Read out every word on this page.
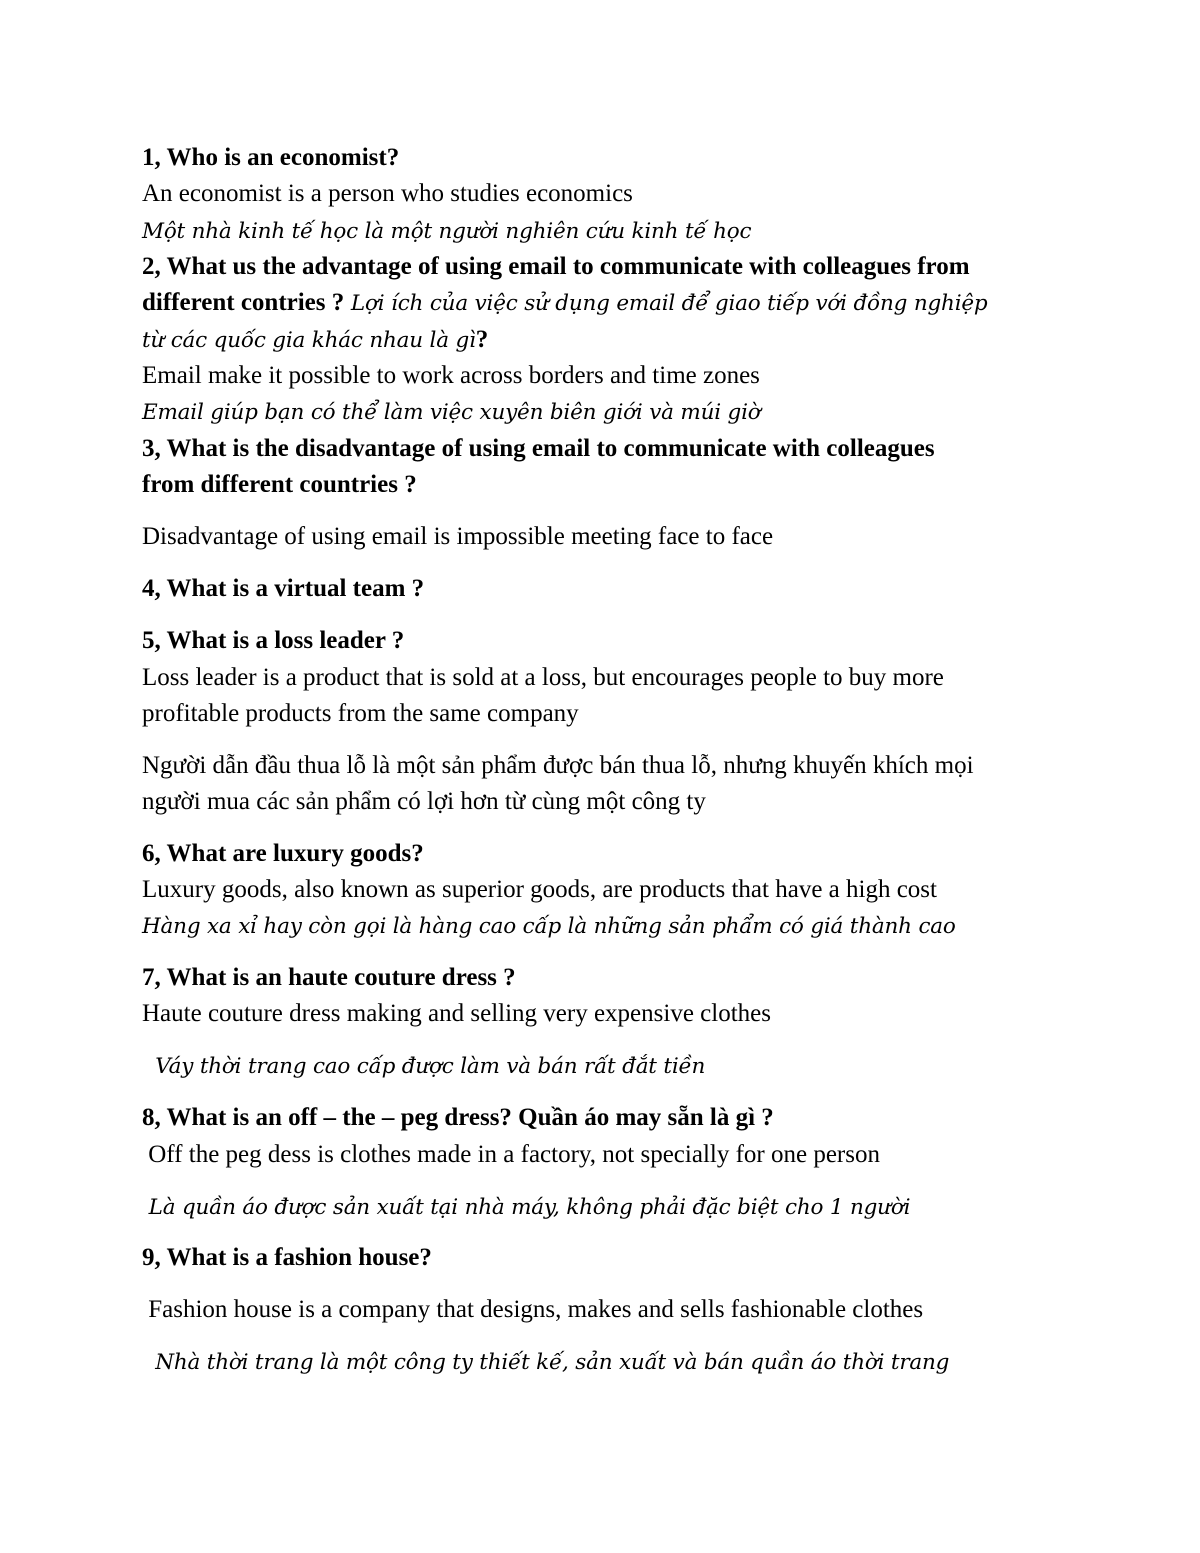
1, Who is an economist?

An economist is a person who studies economics

Một nhà kinh tế học là một người nghiên cứu kinh tế học

2, What us the advantage of using email to communicate with colleagues from

different contries ? Lợi ích của việc sử dụng email để giao tiếp với đồng nghiệp

từ các quốc gia khác nhau là gì?

Email make it possible to work across borders and time zones

Email giúp bạn có thể làm việc xuyên biên giới và múi giờ

3, What is the disadvantage of using email to communicate with colleagues

from different countries ?

Disadvantage of using email is impossible meeting face to face

4, What is a virtual team ?

5, What is a loss leader ?

Loss leader is a product that is sold at a loss, but encourages people to buy more

profitable products from the same company

Người dẫn đầu thua lỗ là một sản phẩm được bán thua lỗ, nhưng khuyến khích mọi

người mua các sản phẩm có lợi hơn từ cùng một công ty

6, What are luxury goods?

Luxury goods, also known as superior goods, are products that have a high cost

Hàng xa xỉ hay còn gọi là hàng cao cấp là những sản phẩm có giá thành cao

7, What is an haute couture dress ?

Haute couture dress making and selling very expensive clothes

Váy thời trang cao cấp được làm và bán rất đắt tiền

8, What is an off – the – peg dress? Quần áo may sẵn là gì ?

Off the peg dess is clothes made in a factory, not specially for one person

Là quần áo được sản xuất tại nhà máy, không phải đặc biệt cho 1 người

9, What is a fashion house?

Fashion house is a company that designs, makes and sells fashionable clothes

Nhà thời trang là một công ty thiết kế, sản xuất và bán quần áo thời trang
